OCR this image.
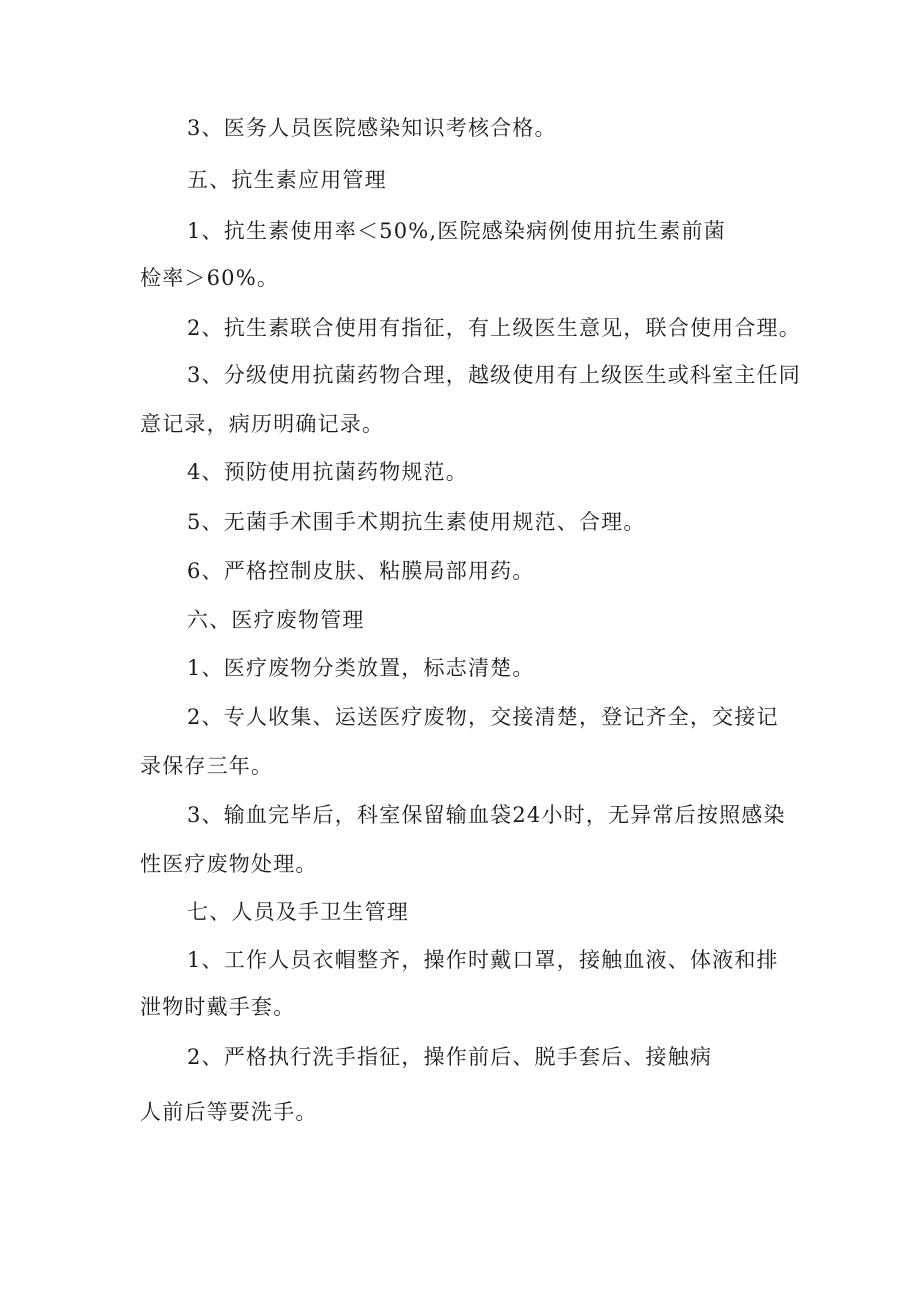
3、医务人员医院感染知识考核合格。
五、抗生素应用管理
1、抗生素使用率＜50%,医院感染病例使用抗生素前菌
检率＞60%。
2、抗生素联合使用有指征，有上级医生意见，联合使用合理。
3、分级使用抗菌药物合理，越级使用有上级医生或科室主任同
意记录，病历明确记录。
4、预防使用抗菌药物规范。
5、无菌手术围手术期抗生素使用规范、合理。
6、严格控制皮肤、粘膜局部用药。
六、医疗废物管理
1、医疗废物分类放置，标志清楚。
2、专人收集、运送医疗废物，交接清楚，登记齐全，交接记
录保存三年。
3、输血完毕后，科室保留输血袋24小时，无异常后按照感染
性医疗废物处理。
七、人员及手卫生管理
1、工作人员衣帽整齐，操作时戴口罩，接触血液、体液和排
泄物时戴手套。
2、严格执行洗手指征，操作前后、脱手套后、接触病
人前后等要洗手。
